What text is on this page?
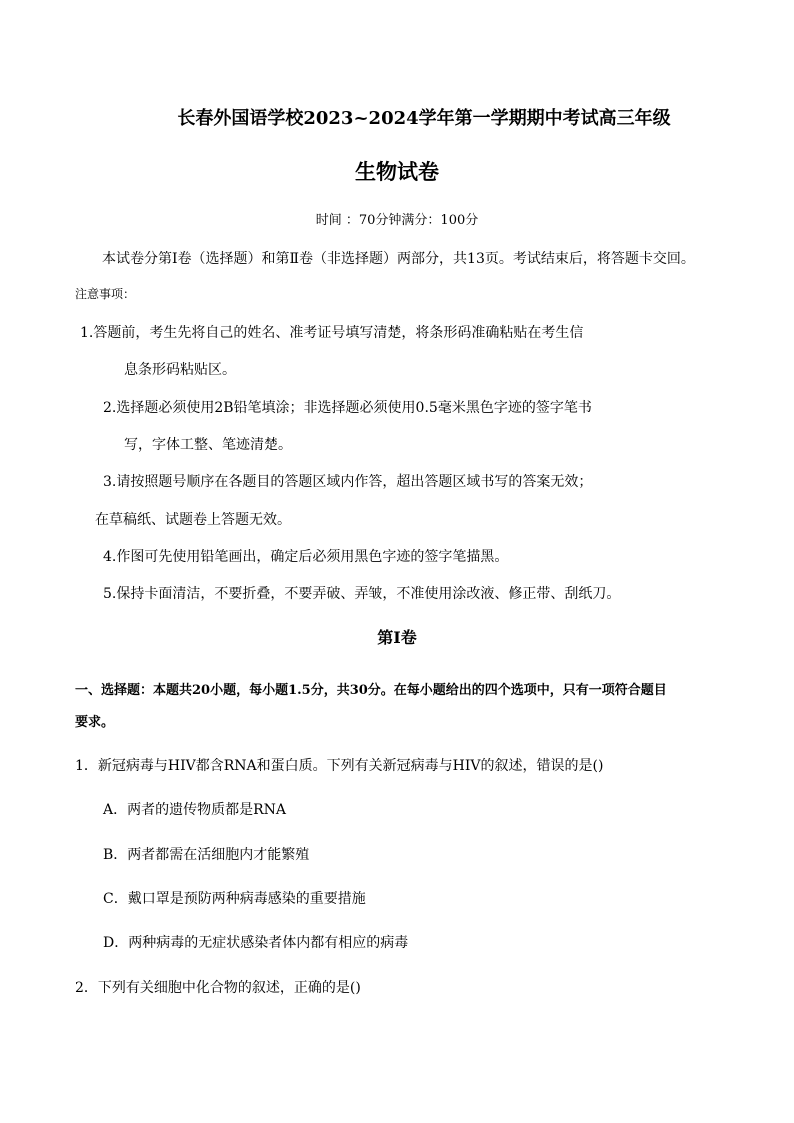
长春外国语学校2023~2024学年第一学期期中考试高三年级
生物试卷
时间 ：70分钟满分：100分
本试卷分第Ⅰ卷（选择题）和第Ⅱ卷（非选择题）两部分，共13页。考试结束后，将答题卡交回。
注意事项：
1.答题前，考生先将自己的姓名、准考证号填写清楚，将条形码准确粘贴在考生信
息条形码粘贴区。
2.选择题必须使用2B铅笔填涂；非选择题必须使用0.5毫米黑色字迹的签字笔书
写，字体工整、笔迹清楚。
3.请按照题号顺序在各题目的答题区域内作答，超出答题区域书写的答案无效；
在草稿纸、试题卷上答题无效。
4.作图可先使用铅笔画出，确定后必须用黑色字迹的签字笔描黑。
5.保持卡面清洁，不要折叠，不要弄破、弄皱，不准使用涂改液、修正带、刮纸刀。
第Ⅰ卷
一、选择题：本题共20小题，每小题1.5分，共30分。在每小题给出的四个选项中，只有一项符合题目
要求。
1．新冠病毒与HIV都含RNA和蛋白质。下列有关新冠病毒与HIV的叙述，错误的是()
A．两者的遗传物质都是RNA
B．两者都需在活细胞内才能繁殖
C．戴口罩是预防两种病毒感染的重要措施
D．两种病毒的无症状感染者体内都有相应的病毒
2．下列有关细胞中化合物的叙述，正确的是()
